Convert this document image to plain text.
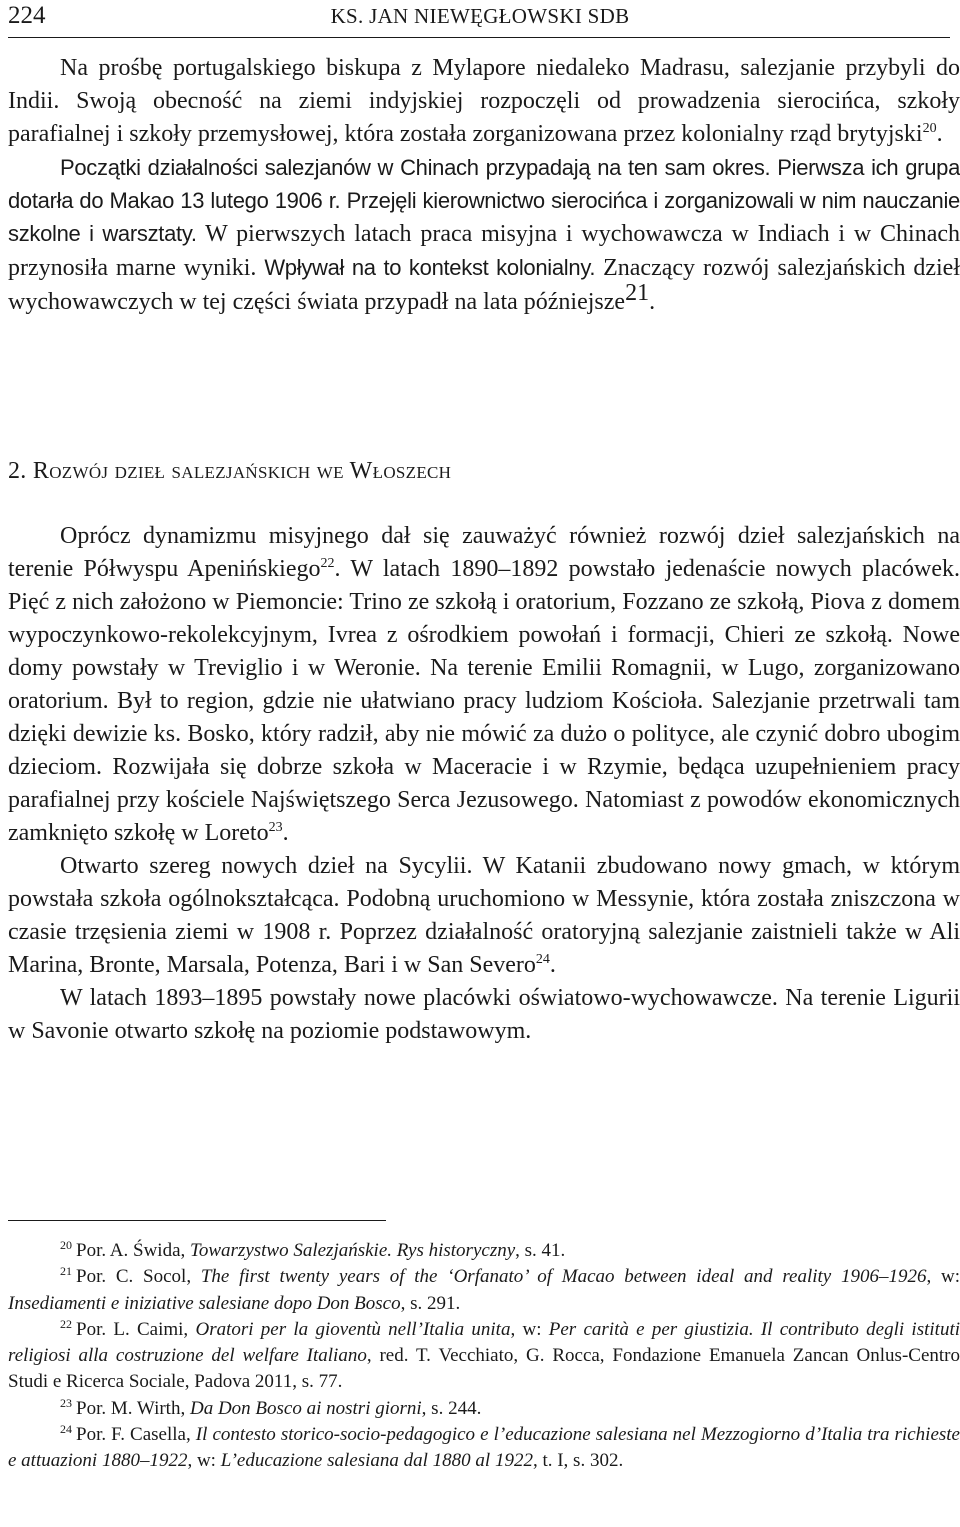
224	KS. JAN NIEWĘGŁOWSKI SDB

Na prośbę portugalskiego biskupa z Mylapore niedaleko Madrasu, salezjanie przybyli do Indii. Swoją obecność na ziemi indyjskiej rozpoczęli od prowadzenia sierocińca, szkoły parafialnej i szkoły przemysłowej, która została zorganizowana przez kolonialny rząd brytyjski$^{20}$.

Początki działalności salezjanów w Chinach przypadają na ten sam okres. Pierwsza ich grupa dotarła do Makao 13 lutego 1906 r. Przejęli kierownictwo sierocińca i zorganizowali w nim nauczanie szkolne i warsztaty. W pierwszych latach praca misyjna i wychowawcza w Indiach i w Chinach przynosiła marne wyniki. Wpływał na to kontekst kolonialny. Znaczący rozwój salezjańskich dzieł wychowawczych w tej części świata przypadł na lata późniejsze$^{21}$.

2. Rozwój dzieł salezjańskich we Włoszech

Oprócz dynamizmu misyjnego dał się zauważyć również rozwój dzieł salezjańskich na terenie Półwyspu Apenińskiego$^{22}$. W latach 1890–1892 powstało jedenaście nowych placówek. Pięć z nich założono w Piemoncie: Trino ze szkołą i oratorium, Fozzano ze szkołą, Piova z domem wypoczynkowo-rekolekcyjnym, Ivrea z ośrodkiem powołań i formacji, Chieri ze szkołą. Nowe domy powstały w Treviglio i w Weronie. Na terenie Emilii Romagnii, w Lugo, zorganizowano oratorium. Był to region, gdzie nie ułatwiano pracy ludziom Kościoła. Salezjanie przetrwali tam dzięki dewizie ks. Bosko, który radził, aby nie mówić za dużo o polityce, ale czynić dobro ubogim dzieciom. Rozwijała się dobrze szkoła w Maceracie i w Rzymie, będąca uzupełnieniem pracy parafialnej przy kościele Najświętszego Serca Jezusowego. Natomiast z powodów ekonomicznych zamknięto szkołę w Loreto$^{23}$.

Otwarto szereg nowych dzieł na Sycylii. W Katanii zbudowano nowy gmach, w którym powstała szkoła ogólnokształcąca. Podobną uruchomiono w Messynie, która została zniszczona w czasie trzęsienia ziemi w 1908 r. Poprzez działalność oratoryjną salezjanie zaistnieli także w Ali Marina, Bronte, Marsala, Potenza, Bari i w San Severo$^{24}$.

W latach 1893–1895 powstały nowe placówki oświatowo-wychowawcze. Na terenie Ligurii w Savonie otwarto szkołę na poziomie podstawowym.

$^{20}$ Por. A. Świda, Towarzystwo Salezjańskie. Rys historyczny, s. 41.

$^{21}$ Por. C. Socol, The first twenty years of the ‘Orfanato’ of Macao between ideal and reality 1906–1926, w: Insediamenti e iniziative salesiane dopo Don Bosco, s. 291.

$^{22}$ Por. L. Caimi, Oratori per la gioventù nell’Italia unita, w: Per carità e per giustizia. Il contributo degli istituti religiosi alla costruzione del welfare Italiano, red. T. Vecchiato, G. Rocca, Fondazione Emanuela Zancan Onlus-Centro Studi e Ricerca Sociale, Padova 2011, s. 77.

$^{23}$ Por. M. Wirth, Da Don Bosco ai nostri giorni, s. 244.

$^{24}$ Por. F. Casella, Il contesto storico-socio-pedagogico e l’educazione salesiana nel Mezzogiorno d’Italia tra richieste e attuazioni 1880–1922, w: L’educazione salesiana dal 1880 al 1922, t. I, s. 302.
